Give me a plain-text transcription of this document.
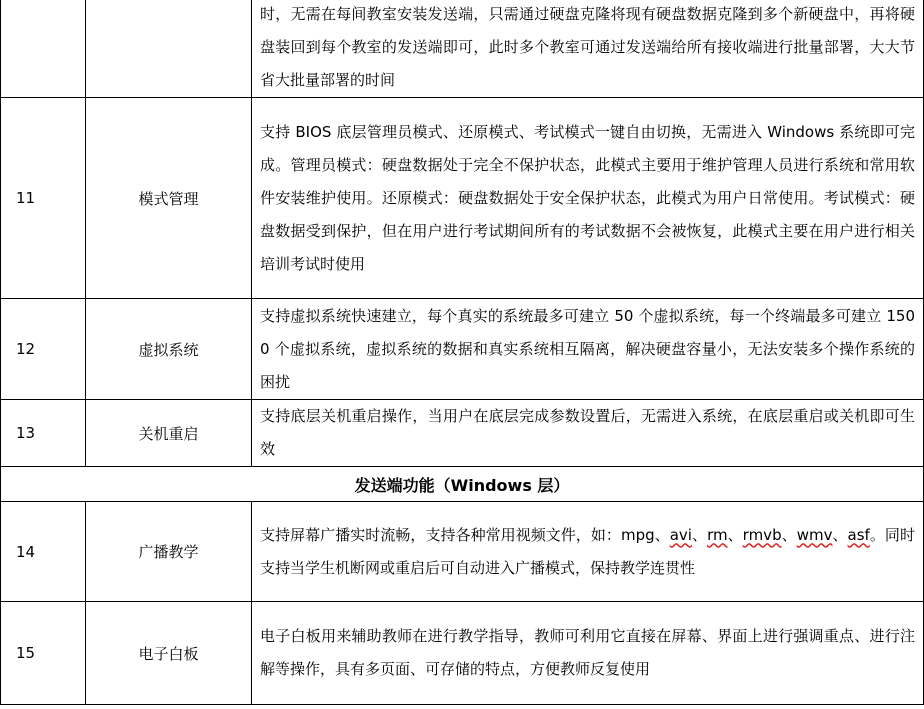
		时，无需在每间教室安装发送端，只需通过硬盘克隆将现有硬盘数据克隆到多个新硬盘中，再将硬盘装回到每个教室的发送端即可，此时多个教室可通过发送端给所有接收端进行批量部署，大大节省大批量部署的时间
11	模式管理	支持 BIOS 底层管理员模式、还原模式、考试模式一键自由切换，无需进入 Windows 系统即可完成。管理员模式：硬盘数据处于完全不保护状态，此模式主要用于维护管理人员进行系统和常用软件安装维护使用。还原模式：硬盘数据处于安全保护状态，此模式为用户日常使用。考试模式：硬盘数据受到保护，但在用户进行考试期间所有的考试数据不会被恢复，此模式主要在用户进行相关培训考试时使用
12	虚拟系统	支持虚拟系统快速建立，每个真实的系统最多可建立 50 个虚拟系统，每一个终端最多可建立 1500 个虚拟系统，虚拟系统的数据和真实系统相互隔离，解决硬盘容量小，无法安装多个操作系统的困扰
13	关机重启	支持底层关机重启操作，当用户在底层完成参数设置后，无需进入系统，在底层重启或关机即可生效
发送端功能（Windows 层）		
14	广播教学	支持屏幕广播实时流畅，支持各种常用视频文件，如：mpg、avi、rm、rmvb、wmv、asf。同时支持当学生机断网或重启后可自动进入广播模式，保持教学连贯性
15	电子白板	电子白板用来辅助教师在进行教学指导，教师可利用它直接在屏幕、界面上进行强调重点、进行注解等操作，具有多页面、可存储的特点，方便教师反复使用
